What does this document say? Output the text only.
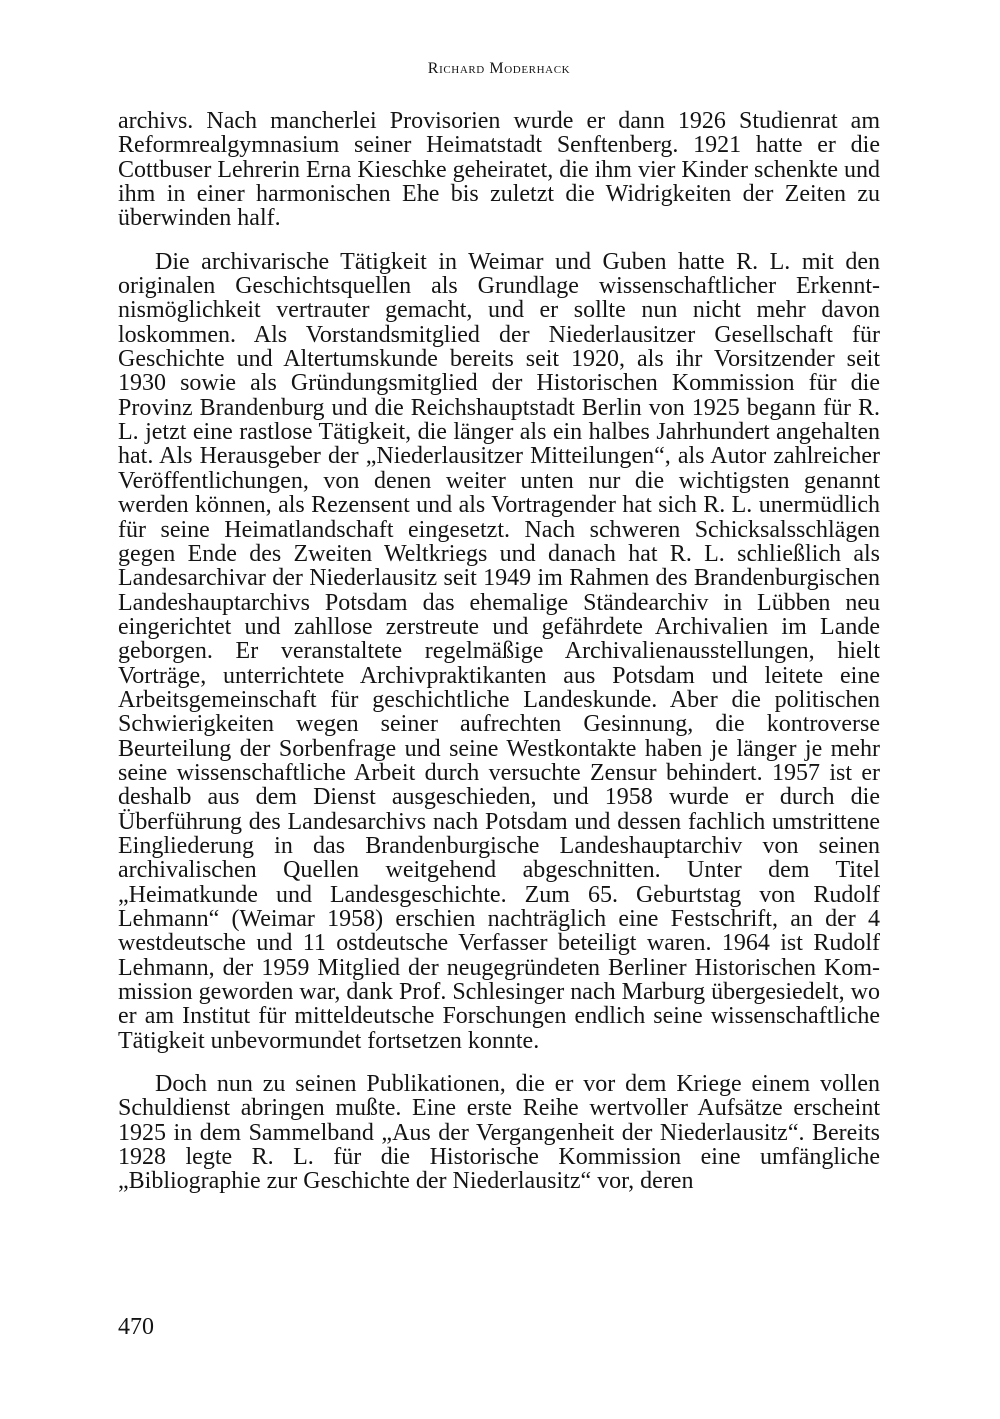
Richard Moderhack

archivs. Nach mancherlei Provisorien wurde er dann 1926 Studienrat am Reformrealgymnasium seiner Heimatstadt Senftenberg. 1921 hatte er die Cottbuser Lehrerin Erna Kieschke geheiratet, die ihm vier Kinder schenkte und ihm in einer harmonischen Ehe bis zuletzt die Widrigkeiten der Zeiten zu überwinden half.

Die archivarische Tätigkeit in Weimar und Guben hatte R. L. mit den originalen Geschichtsquellen als Grundlage wissenschaftlicher Erkenntnismöglichkeit vertrauter gemacht, und er sollte nun nicht mehr davon loskommen. Als Vorstandsmitglied der Niederlausitzer Gesellschaft für Geschichte und Altertumskunde bereits seit 1920, als ihr Vorsitzender seit 1930 sowie als Gründungsmitglied der Historischen Kommission für die Provinz Brandenburg und die Reichshauptstadt Berlin von 1925 begann für R. L. jetzt eine rastlose Tätigkeit, die länger als ein halbes Jahrhundert angehalten hat. Als Herausgeber der „Niederlausitzer Mitteilungen“, als Autor zahlreicher Veröffentlichungen, von denen weiter unten nur die wichtigsten genannt werden können, als Rezensent und als Vortragender hat sich R. L. unermüdlich für seine Heimatlandschaft eingesetzt. Nach schweren Schicksalsschlägen gegen Ende des Zweiten Weltkriegs und danach hat R. L. schließlich als Landesarchivar der Niederlausitz seit 1949 im Rahmen des Brandenburgischen Landeshauptarchivs Potsdam das ehemalige Ständearchiv in Lübben neu eingerichtet und zahllose zerstreute und gefährdete Archivalien im Lande geborgen. Er veranstaltete regelmäßige Archivalienausstellungen, hielt Vorträge, unterrichtete Archivpraktikanten aus Potsdam und leitete eine Arbeitsgemeinschaft für geschichtliche Landeskunde. Aber die politischen Schwierigkeiten wegen seiner aufrechten Gesinnung, die kontroverse Beurteilung der Sorbenfrage und seine Westkontakte haben je länger je mehr seine wissenschaftliche Arbeit durch versuchte Zensur behindert. 1957 ist er deshalb aus dem Dienst ausgeschieden, und 1958 wurde er durch die Überführung des Landesarchivs nach Potsdam und dessen fachlich umstrittene Eingliederung in das Brandenburgische Landeshauptarchiv von seinen archivalischen Quellen weitgehend abgeschnitten. Unter dem Titel „Heimatkunde und Landesgeschichte. Zum 65. Geburtstag von Rudolf Lehmann“ (Weimar 1958) erschien nachträglich eine Festschrift, an der 4 westdeutsche und 11 ostdeutsche Verfasser beteiligt waren. 1964 ist Rudolf Lehmann, der 1959 Mitglied der neugegründeten Berliner Historischen Kommission geworden war, dank Prof. Schlesinger nach Marburg übergesiedelt, wo er am Institut für mitteldeutsche Forschungen endlich seine wissenschaftliche Tätigkeit unbevormundet fortsetzen konnte.

Doch nun zu seinen Publikationen, die er vor dem Kriege einem vollen Schuldienst abringen mußte. Eine erste Reihe wertvoller Aufsätze erscheint 1925 in dem Sammelband „Aus der Vergangenheit der Niederlausitz“. Bereits 1928 legte R. L. für die Historische Kommission eine umfängliche „Bibliographie zur Geschichte der Niederlausitz“ vor, deren

470
